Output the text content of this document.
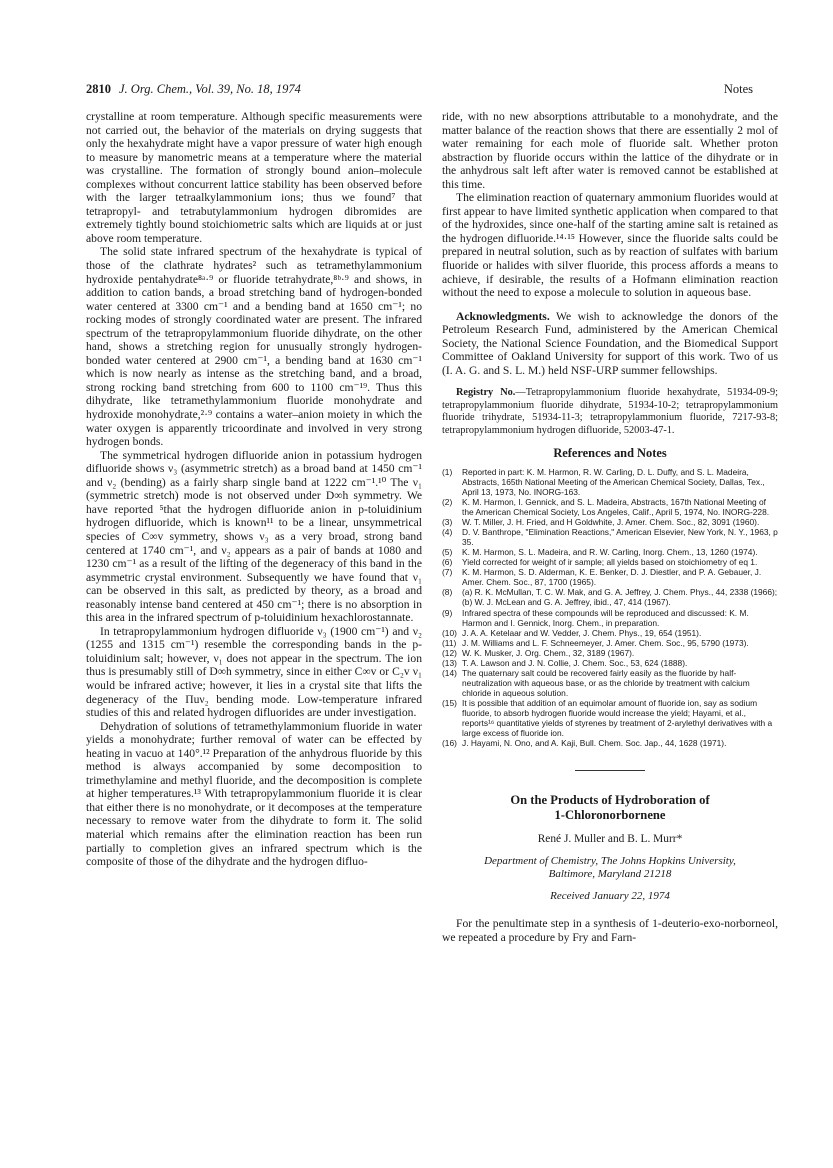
2810 J. Org. Chem., Vol. 39, No. 18, 1974	Notes

crystalline at room temperature. Although specific measurements were not carried out, the behavior of the materials on drying suggests that only the hexahydrate might have a vapor pressure of water high enough to measure by manometric means at a temperature where the material was crystalline. The formation of strongly bound anion–molecule complexes without concurrent lattice stability has been observed before with the larger tetraalkylammonium ions; thus we found⁷ that tetrapropyl- and tetrabutylammonium hydrogen dibromides are extremely tightly bound stoichiometric salts which are liquids at or just above room temperature.

The solid state infrared spectrum of the hexahydrate is typical of those of the clathrate hydrates² such as tetramethylammonium hydroxide pentahydrate⁸ᵃ·⁹ or fluoride tetrahydrate,⁸ᵇ·⁹ and shows, in addition to cation bands, a broad stretching band of hydrogen-bonded water centered at 3300 cm⁻¹ and a bending band at 1650 cm⁻¹; no rocking modes of strongly coordinated water are present. The infrared spectrum of the tetrapropylammonium fluoride dihydrate, on the other hand, shows a stretching region for unusually strongly hydrogen-bonded water centered at 2900 cm⁻¹, a bending band at 1630 cm⁻¹ which is now nearly as intense as the stretching band, and a broad, strong rocking band stretching from 600 to 1100 cm⁻¹⁹. Thus this dihydrate, like tetramethylammonium fluoride monohydrate and hydroxide monohydrate,²·⁹ contains a water–anion moiety in which the water oxygen is apparently tricoordinate and involved in very strong hydrogen bonds.

The symmetrical hydrogen difluoride anion in potassium hydrogen difluoride shows ν₃ (asymmetric stretch) as a broad band at 1450 cm⁻¹ and ν₂ (bending) as a fairly sharp single band at 1222 cm⁻¹.¹⁰ The ν₁ (symmetric stretch) mode is not observed under D∞h symmetry. We have reported ⁵that the hydrogen difluoride anion in p-toluidinium hydrogen difluoride, which is known¹¹ to be a linear, unsymmetrical species of C∞v symmetry, shows ν₃ as a very broad, strong band centered at 1740 cm⁻¹, and ν₂ appears as a pair of bands at 1080 and 1230 cm⁻¹ as a result of the lifting of the degeneracy of this band in the asymmetric crystal environment. Subsequently we have found that ν₁ can be observed in this salt, as predicted by theory, as a broad and reasonably intense band centered at 450 cm⁻¹; there is no absorption in this area in the infrared spectrum of p-toluidinium hexachlorostannate.

In tetrapropylammonium hydrogen difluoride ν₃ (1900 cm⁻¹) and ν₂ (1255 and 1315 cm⁻¹) resemble the corresponding bands in the p-toluidinium salt; however, ν₁ does not appear in the spectrum. The ion thus is presumably still of D∞h symmetry, since in either C∞v or C₂v ν₁ would be infrared active; however, it lies in a crystal site that lifts the degeneracy of the Πuν₂ bending mode. Low-temperature infrared studies of this and related hydrogen difluorides are under investigation.

Dehydration of solutions of tetramethylammonium fluoride in water yields a monohydrate; further removal of water can be effected by heating in vacuo at 140°.¹² Preparation of the anhydrous fluoride by this method is always accompanied by some decomposition to trimethylamine and methyl fluoride, and the decomposition is complete at higher temperatures.¹³ With tetrapropylammonium fluoride it is clear that either there is no monohydrate, or it decomposes at the temperature necessary to remove water from the dihydrate to form it. The solid material which remains after the elimination reaction has been run partially to completion gives an infrared spectrum which is the composite of those of the dihydrate and the hydrogen difluo-

ride, with no new absorptions attributable to a monohydrate, and the matter balance of the reaction shows that there are essentially 2 mol of water remaining for each mole of fluoride salt. Whether proton abstraction by fluoride occurs within the lattice of the dihydrate or in the anhydrous salt left after water is removed cannot be established at this time.

The elimination reaction of quaternary ammonium fluorides would at first appear to have limited synthetic application when compared to that of the hydroxides, since one-half of the starting amine salt is retained as the hydrogen difluoride.¹⁴·¹⁵ However, since the fluoride salts could be prepared in neutral solution, such as by reaction of sulfates with barium fluoride or halides with silver fluoride, this process affords a means to achieve, if desirable, the results of a Hofmann elimination reaction without the need to expose a molecule to solution in aqueous base.

Acknowledgments. We wish to acknowledge the donors of the Petroleum Research Fund, administered by the American Chemical Society, the National Science Foundation, and the Biomedical Support Committee of Oakland University for support of this work. Two of us (I. A. G. and S. L. M.) held NSF-URP summer fellowships.

Registry No.—Tetrapropylammonium fluoride hexahydrate, 51934-09-9; tetrapropylammonium fluoride dihydrate, 51934-10-2; tetrapropylammonium fluoride trihydrate, 51934-11-3; tetrapropylammonium fluoride, 7217-93-8; tetrapropylammonium hydrogen difluoride, 52003-47-1.

References and Notes
(1)	Reported in part: K. M. Harmon, R. W. Carling, D. L. Duffy, and S. L. Madeira, Abstracts, 165th National Meeting of the American Chemical Society, Dallas, Tex., April 13, 1973, No. INORG-163.
(2)	K. M. Harmon, I. Gennick, and S. L. Madeira, Abstracts, 167th National Meeting of the American Chemical Society, Los Angeles, Calif., April 5, 1974, No. INORG-228.
(3)	W. T. Miller, J. H. Fried, and H Goldwhite, J. Amer. Chem. Soc., 82, 3091 (1960).
(4)	D. V. Banthrope, "Elimination Reactions," American Elsevier, New York, N. Y., 1963, p 35.
(5)	K. M. Harmon, S. L. Madeira, and R. W. Carling, Inorg. Chem., 13, 1260 (1974).
(6)	Yield corrected for weight of ir sample; all yields based on stoichiometry of eq 1.
(7)	K. M. Harmon, S. D. Alderman, K. E. Benker, D. J. Diestler, and P. A. Gebauer, J. Amer. Chem. Soc., 87, 1700 (1965).
(8)	(a) R. K. McMullan, T. C. W. Mak, and G. A. Jeffrey, J. Chem. Phys., 44, 2338 (1966); (b) W. J. McLean and G. A. Jeffrey, ibid., 47, 414 (1967).
(9)	Infrared spectra of these compounds will be reproduced and discussed: K. M. Harmon and I. Gennick, Inorg. Chem., in preparation.
(10) J. A. A. Ketelaar and W. Vedder, J. Chem. Phys., 19, 654 (1951).
(11) J. M. Williams and L. F. Schneemeyer, J. Amer. Chem. Soc., 95, 5790 (1973).
(12) W. K. Musker, J. Org. Chem., 32, 3189 (1967).
(13) T. A. Lawson and J. N. Collie, J. Chem. Soc., 53, 624 (1888).
(14) The quaternary salt could be recovered fairly easily as the fluoride by half-neutralization with aqueous base, or as the chloride by treatment with calcium chloride in aqueous solution.
(15) It is possible that addition of an equimolar amount of fluoride ion, say as sodium fluoride, to absorb hydrogen fluoride would increase the yield; Hayami, et al., reports¹⁶ quantitative yields of styrenes by treatment of 2-arylethyl derivatives with a large excess of fluoride ion.
(16) J. Hayami, N. Ono, and A. Kaji, Bull. Chem. Soc. Jap., 44, 1628 (1971).
On the Products of Hydroboration of
1-Chloronorbornene
René J. Muller and B. L. Murr*
Department of Chemistry, The Johns Hopkins University,
Baltimore, Maryland 21218
Received January 22, 1974

For the penultimate step in a synthesis of 1-deuterio-exo-norborneol, we repeated a procedure by Fry and Farn-
